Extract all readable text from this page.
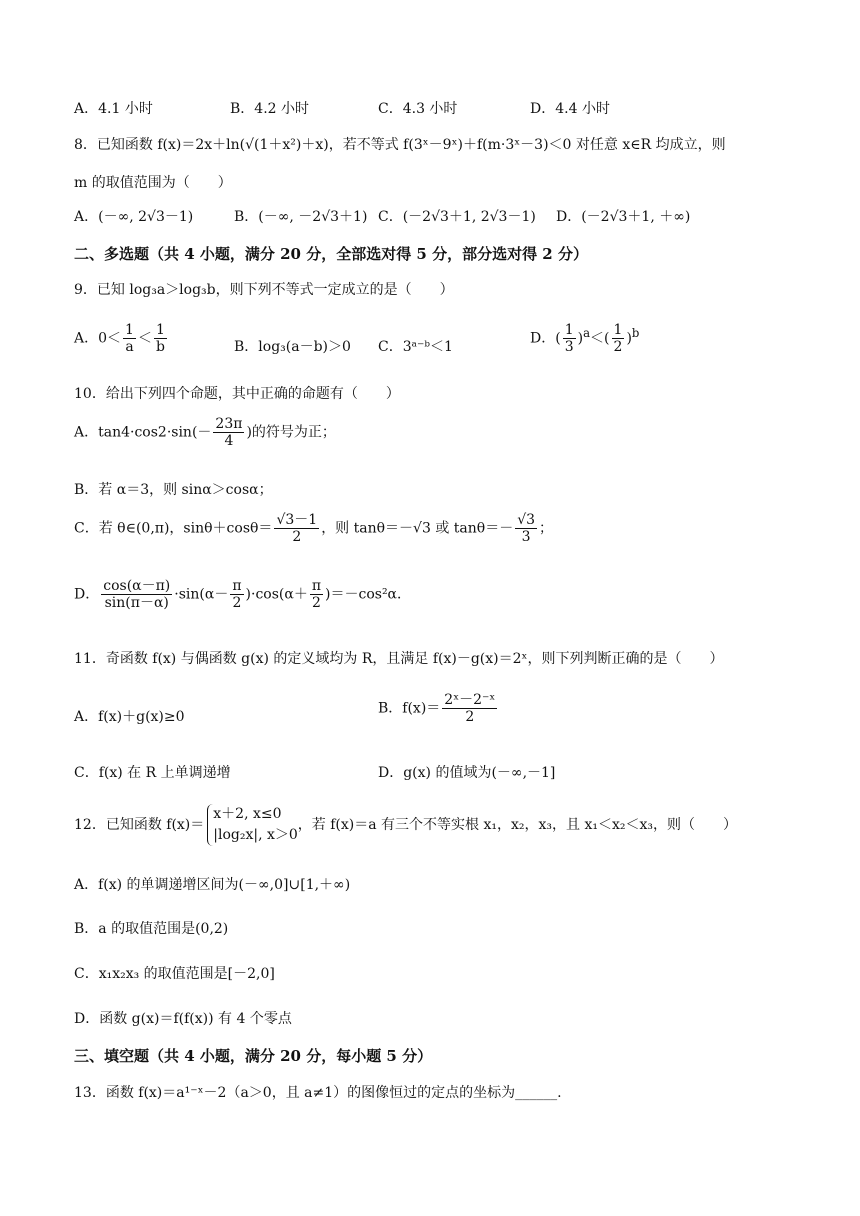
A．4.1 小时	B．4.2 小时	C．4.3 小时	D．4.4 小时
8．已知函数 f(x)＝2x＋ln(√(1＋x²)＋x)，若不等式 f(3ˣ－9ˣ)＋f(m·3ˣ－3)＜0 对任意 x∈R 均成立，则
m 的取值范围为（　　）
A．(－∞, 2√3－1)	B．(－∞, －2√3＋1) C．(－2√3＋1, 2√3－1) D．(－2√3＋1, ＋∞)
二、多选题（共 4 小题，满分 20 分，全部选对得 5 分，部分选对得 2 分）
9．已知 log₃a＞log₃b，则下列不等式一定成立的是（　　）
A．$0< \frac{1}{a} < \frac{1}{b}$	B．log₃(a－b)＞0 C．3ᵃ⁻ᵇ＜1
D．( $\frac{1}{3} )^a<( \frac{1}{2} )^b$
10．给出下列四个命题，其中正确的命题有（　　）
A．$\tan 4\cdot\cos 2\cdot\sin(- \frac{23\pi}{4}$ )的符号为正；
B．若 α＝3，则 sinα＞cosα；
C．若 θ∈(0,π)，$\sin\theta+\cos\theta= \frac{√3-1}{2}$ ，则 tanθ＝－√3 或 $\tan\theta=- \frac{√3}{3}$ ；
D． $\frac{\cos(\alpha-\pi)}{\sin(\pi-\alpha)} \cdot\sin(\alpha- \frac{\pi}{2} )\cdot\cos(\alpha+ \frac{\pi}{2} )=-\cos^2\alpha$．
11．奇函数 f(x) 与偶函数 g(x) 的定义域均为 R，且满足 f(x)－g(x)＝2ˣ，则下列判断正确的是（　　）
A．f(x)＋g(x)≥0
B．$f(x)= \frac{\text{2ˣ－2⁻ˣ}}{2}$
C．f(x) 在 R 上单调递增	D．g(x) 的值域为(－∞,－1]
12．已知函数 f(x)＝
x＋2, x≤0
|log₂x|, x＞0
，若 f(x)＝a 有三个不等实根 x₁，x₂，x₃，且 x₁＜x₂＜x₃，则（　　）
A．f(x) 的单调递增区间为(－∞,0]∪[1,＋∞)
B．a 的取值范围是(0,2)
C．x₁x₂x₃ 的取值范围是[－2,0]
D．函数 g(x)＝f(f(x)) 有 4 个零点
三、填空题（共 4 小题，满分 20 分，每小题 5 分）
13．函数 f(x)＝a¹⁻ˣ－2（a＞0，且 a≠1）的图像恒过的定点的坐标为______.
